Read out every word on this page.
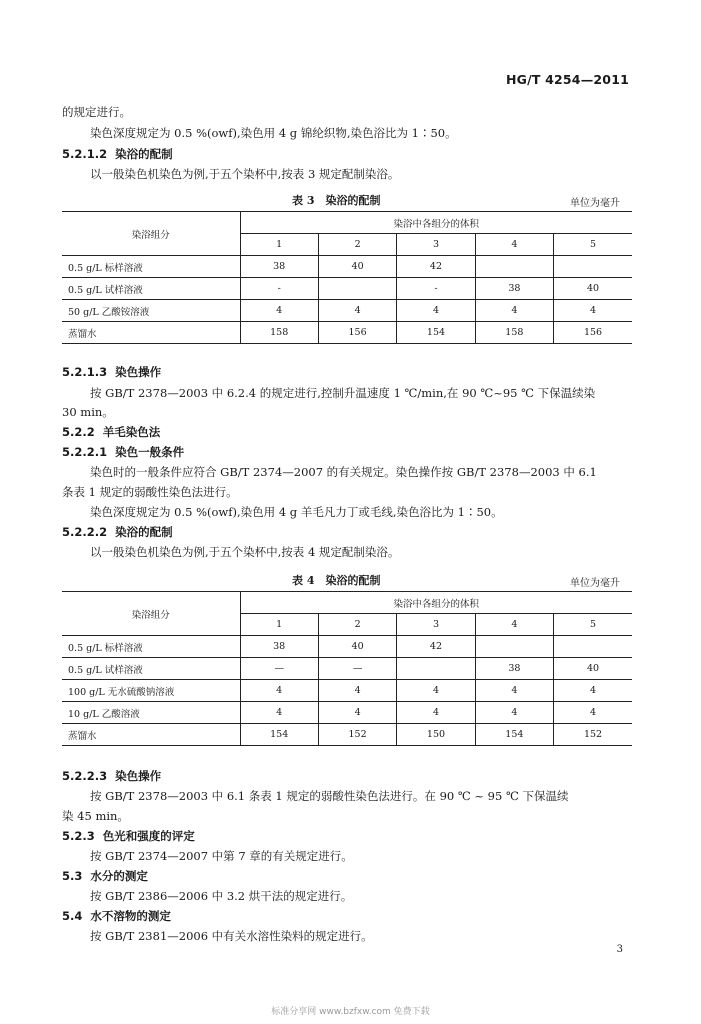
HG/T 4254—2011
的规定进行。
染色深度规定为 0.5 %(owf),染色用 4 g 锦纶织物,染色浴比为 1∶50。
5.2.1.2 染浴的配制
以一般染色机染色为例,于五个染杯中,按表 3 规定配制染浴。
表 3　染浴的配制	单位为毫升
染浴组分	染浴中各组分的体积				
	1	2	3	4	5
0.5 g/L 标样溶液	38	40	42		
0.5 g/L 试样溶液	-		-	38	40
50 g/L 乙酸铵溶液	4	4	4	4	4
蒸馏水	158	156	154	158	156
5.2.1.3 染色操作
按 GB/T 2378—2003 中 6.2.4 的规定进行,控制升温速度 1 ℃/min,在 90 ℃~95 ℃ 下保温续染
30 min。
5.2.2 羊毛染色法
5.2.2.1 染色一般条件
染色时的一般条件应符合 GB/T 2374—2007 的有关规定。染色操作按 GB/T 2378—2003 中 6.1
条表 1 规定的弱酸性染色法进行。
染色深度规定为 0.5 %(owf),染色用 4 g 羊毛凡力丁或毛线,染色浴比为 1∶50。
5.2.2.2 染浴的配制
以一般染色机染色为例,于五个染杯中,按表 4 规定配制染浴。
表 4　染浴的配制	单位为毫升
染浴组分	染浴中各组分的体积				
	1	2	3	4	5
0.5 g/L 标样溶液	38	40	42		
0.5 g/L 试样溶液	—	—		38	40
100 g/L 无水硫酸钠溶液	4	4	4	4	4
10 g/L 乙酸溶液	4	4	4	4	4
蒸馏水	154	152	150	154	152
5.2.2.3 染色操作
按 GB/T 2378—2003 中 6.1 条表 1 规定的弱酸性染色法进行。在 90 ℃ ~ 95 ℃ 下保温续
染 45 min。
5.2.3 色光和强度的评定
按 GB/T 2374—2007 中第 7 章的有关规定进行。
5.3 水分的测定
按 GB/T 2386—2006 中 3.2 烘干法的规定进行。
5.4 水不溶物的测定
按 GB/T 2381—2006 中有关水溶性染料的规定进行。
3
标准分享网 www.bzfxw.com 免费下载
